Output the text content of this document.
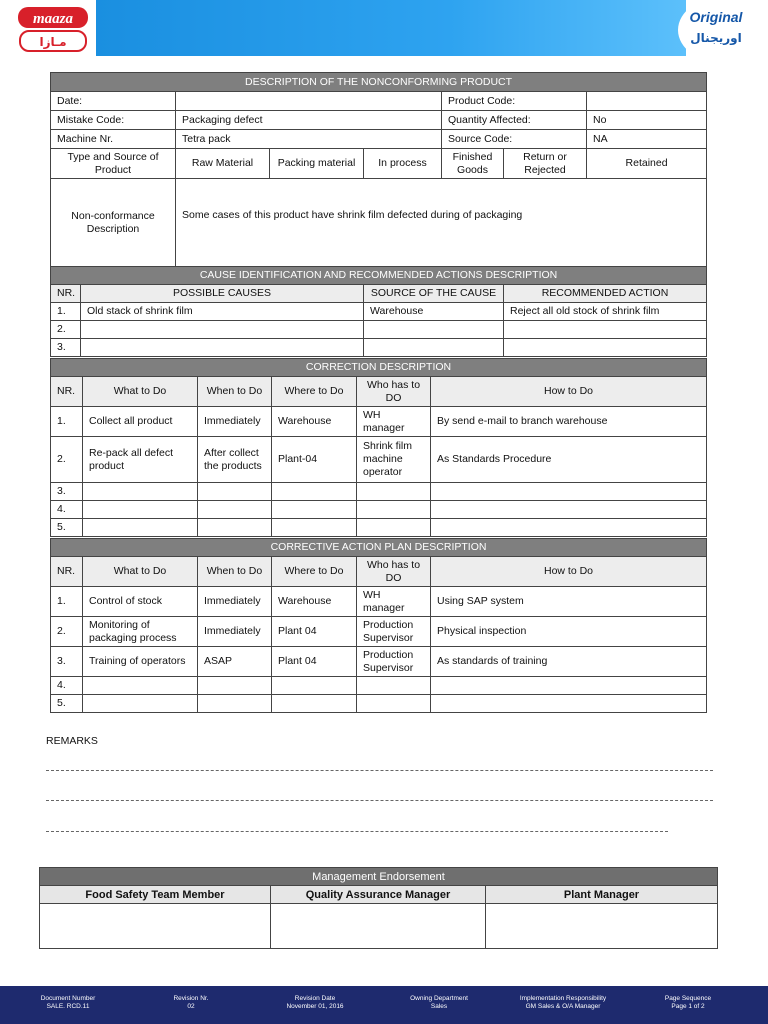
maaza
مـازا
Original
اوريجنال
DESCRIPTION OF THE NONCONFORMING PRODUCT						
Date:				Product Code:		
Mistake Code:	Packaging defect			Quantity Affected:		No
Machine Nr.	Tetra pack			Source Code:		NA
Type and Source of Product	Raw Material	Packing material	In process	Finished Goods	Return or Rejected	Retained
Non-conformance Description	Some cases of this product have shrink film defected during of packaging					
CAUSE IDENTIFICATION AND RECOMMENDED ACTIONS DESCRIPTION			
NR.	POSSIBLE CAUSES	SOURCE OF THE CAUSE	RECOMMENDED ACTION
1.	Old stack of shrink film	Warehouse	Reject all old stock of shrink film
2.			
3.			
CORRECTION DESCRIPTION					
NR.	What to Do	When to Do	Where to Do	Who has to DO	How to Do
1.	Collect all product	Immediately	Warehouse	WH manager	By send e-mail to branch warehouse
2.	Re-pack all defect product	After collect the products	Plant-04	Shrink film machine operator	As Standards Procedure
3.					
4.					
5.					
CORRECTIVE ACTION PLAN DESCRIPTION					
NR.	What to Do	When to Do	Where to Do	Who has to DO	How to Do
1.	Control of stock	Immediately	Warehouse	WH manager	Using SAP system
2.	Monitoring of packaging process	Immediately	Plant 04	Production Supervisor	Physical inspection
3.	Training of operators	ASAP	Plant 04	Production Supervisor	As standards of training
4.					
5.					
REMARKS
Management Endorsement		
Food Safety Team Member	Quality Assurance Manager	Plant Manager

Document Number
SALE. RCD.11
Revision Nr.
02
Revision Date
November 01, 2016
Owning Department
Sales
Implementation Responsibility
GM Sales & O/A Manager
Page Sequence
Page 1 of 2
